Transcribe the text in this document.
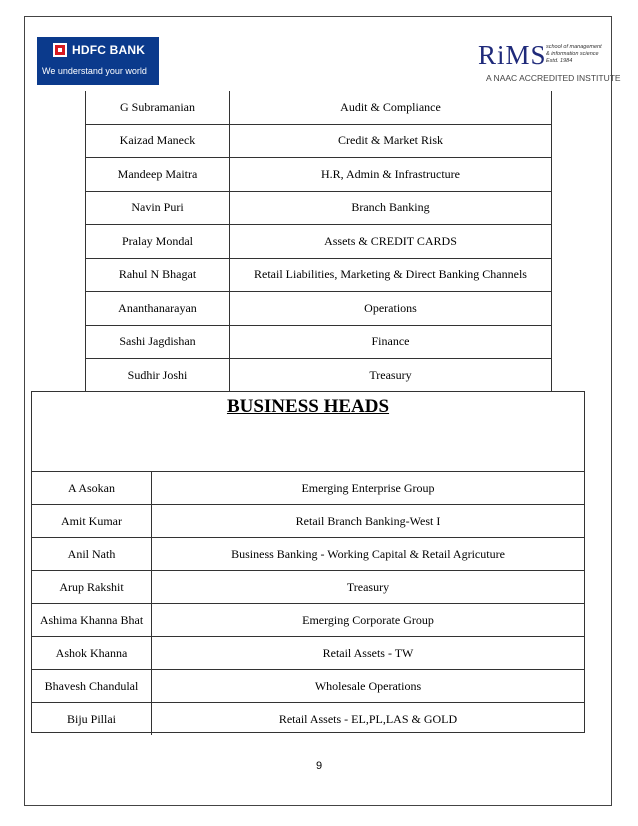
HDFC BANK
We understand your world
RiMS school of management & information science Estd. 1984
A NAAC ACCREDITED INSTITUTE
G Subramanian	Audit & Compliance
Kaizad Maneck	Credit & Market Risk
Mandeep Maitra	H.R, Admin & Infrastructure
Navin Puri	Branch Banking
Pralay Mondal	Assets & CREDIT CARDS
Rahul N Bhagat	Retail Liabilities, Marketing & Direct Banking Channels
Ananthanarayan	Operations
Sashi Jagdishan	Finance
Sudhir Joshi	Treasury
BUSINESS HEADS
A Asokan	Emerging Enterprise Group
Amit Kumar	Retail Branch Banking-West I
Anil Nath	Business Banking - Working Capital & Retail Agricuture
Arup Rakshit	Treasury
Ashima Khanna Bhat	Emerging Corporate Group
Ashok Khanna	Retail Assets - TW
Bhavesh Chandulal	Wholesale Operations
Biju Pillai	Retail Assets - EL,PL,LAS & GOLD
9
